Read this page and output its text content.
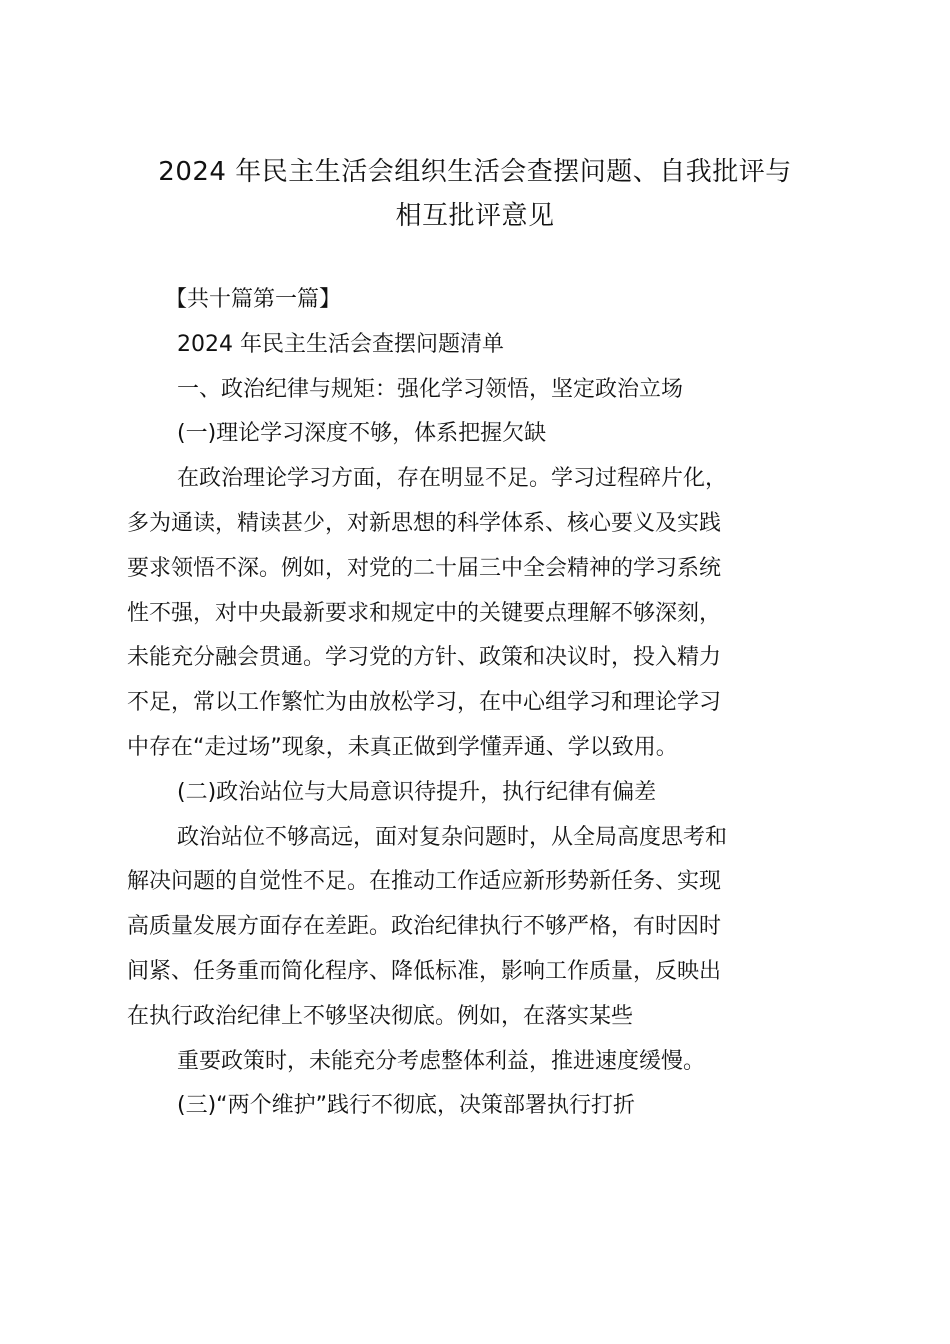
2024 年民主生活会组织生活会查摆问题、自我批评与
相互批评意见
【共十篇第一篇】
2024 年民主生活会查摆问题清单
一、政治纪律与规矩：强化学习领悟，坚定政治立场
(一)理论学习深度不够，体系把握欠缺
在政治理论学习方面，存在明显不足。学习过程碎片化，
多为通读，精读甚少，对新思想的科学体系、核心要义及实践
要求领悟不深。例如，对党的二十届三中全会精神的学习系统
性不强，对中央最新要求和规定中的关键要点理解不够深刻，
未能充分融会贯通。学习党的方针、政策和决议时，投入精力
不足，常以工作繁忙为由放松学习，在中心组学习和理论学习
中存在“走过场”现象，未真正做到学懂弄通、学以致用。
(二)政治站位与大局意识待提升，执行纪律有偏差
政治站位不够高远，面对复杂问题时，从全局高度思考和
解决问题的自觉性不足。在推动工作适应新形势新任务、实现
高质量发展方面存在差距。政治纪律执行不够严格，有时因时
间紧、任务重而简化程序、降低标准，影响工作质量，反映出
在执行政治纪律上不够坚决彻底。例如，在落实某些
重要政策时，未能充分考虑整体利益，推进速度缓慢。
(三)“两个维护”践行不彻底，决策部署执行打折
